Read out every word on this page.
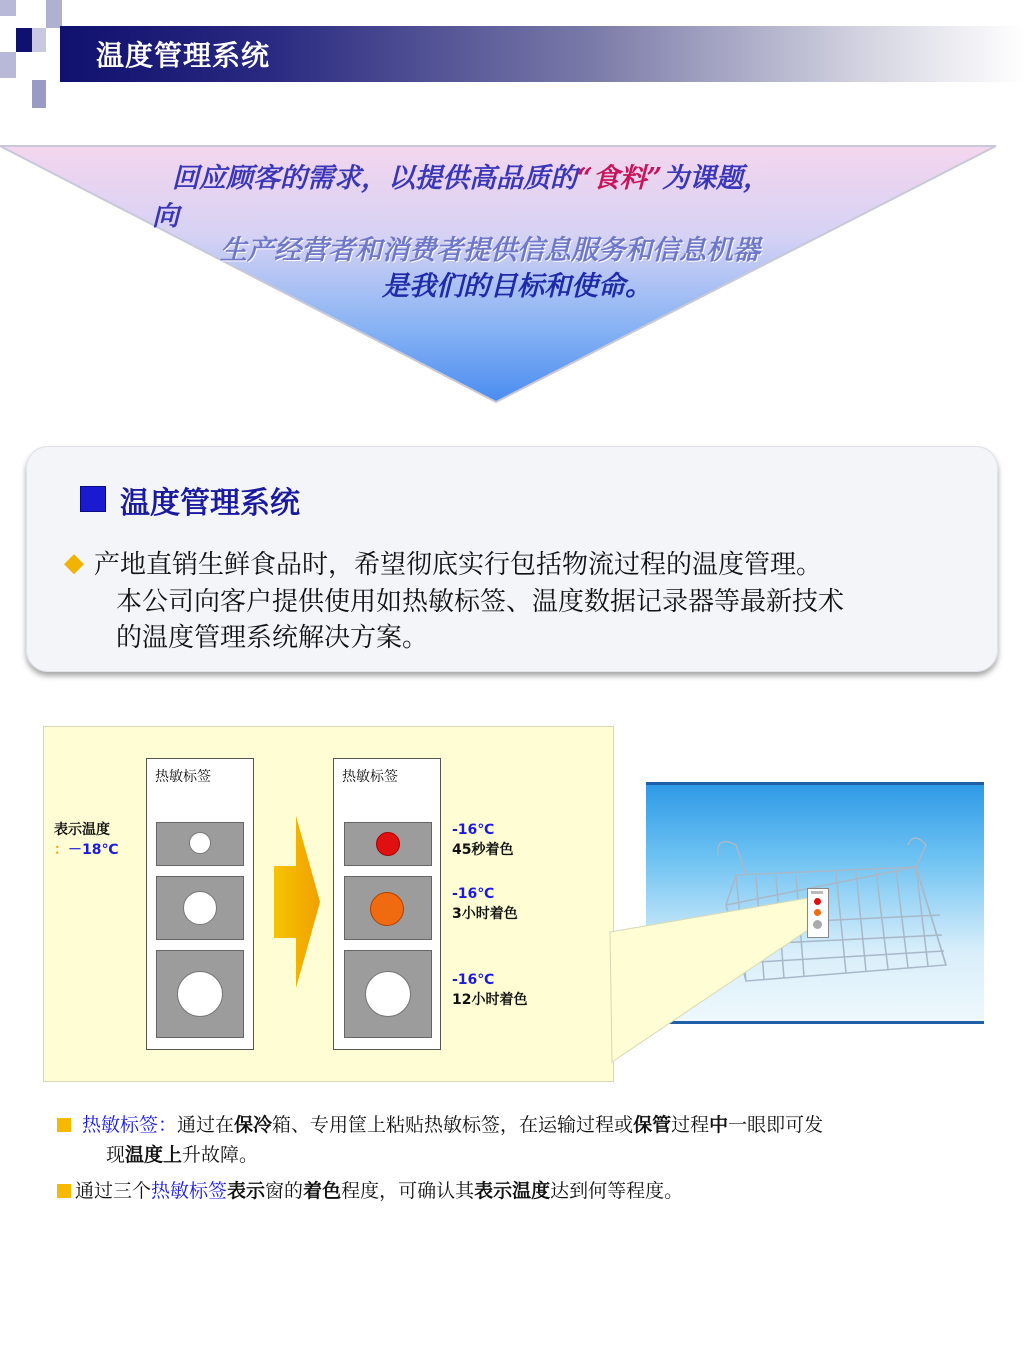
温度管理系统
回应顾客的需求，以提供高品质的“食料”为课题，
向
生产经营者和消费者提供信息服务和信息机器
是我们的目标和使命。
温度管理系统
◆ 产地直销生鲜食品时，希望彻底实行包括物流过程的温度管理。
本公司向客户提供使用如热敏标签、温度数据记录器等最新技术
的温度管理系统解决方案。
表示温度
：－18℃
热敏标签	热敏标签
-16℃
45秒着色
-16℃
3小时着色
-16℃
12小时着色
热敏标签：通过在保冷箱、专用筐上粘贴热敏标签，在运输过程或保管过程中一眼即可发
现温度上升故障。
通过三个热敏标签表示窗的着色程度，可确认其表示温度达到何等程度。
